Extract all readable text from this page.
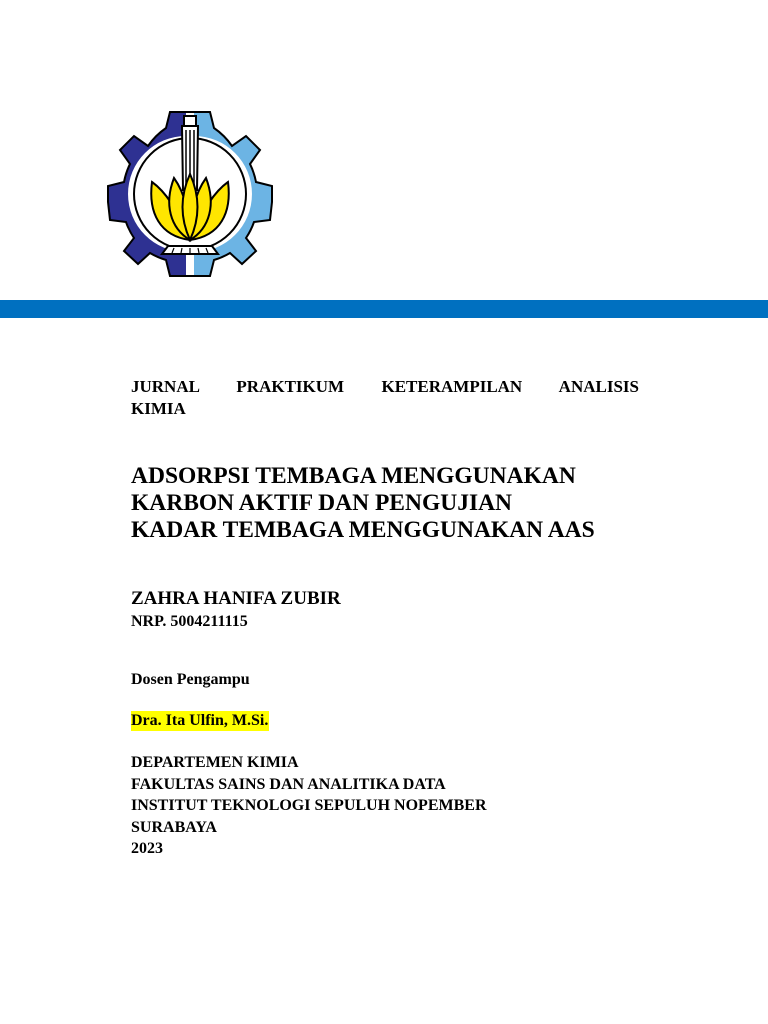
JURNAL PRAKTIKUM KETERAMPILAN ANALISIS
KIMIA

ADSORPSI TEMBAGA MENGGUNAKAN
KARBON AKTIF DAN PENGUJIAN
KADAR TEMBAGA MENGGUNAKAN AAS

ZAHRA HANIFA ZUBIR

NRP. 5004211115

Dosen Pengampu

Dra. Ita Ulfin, M.Si.

DEPARTEMEN KIMIA
FAKULTAS SAINS DAN ANALITIKA DATA
INSTITUT TEKNOLOGI SEPULUH NOPEMBER
SURABAYA
2023
